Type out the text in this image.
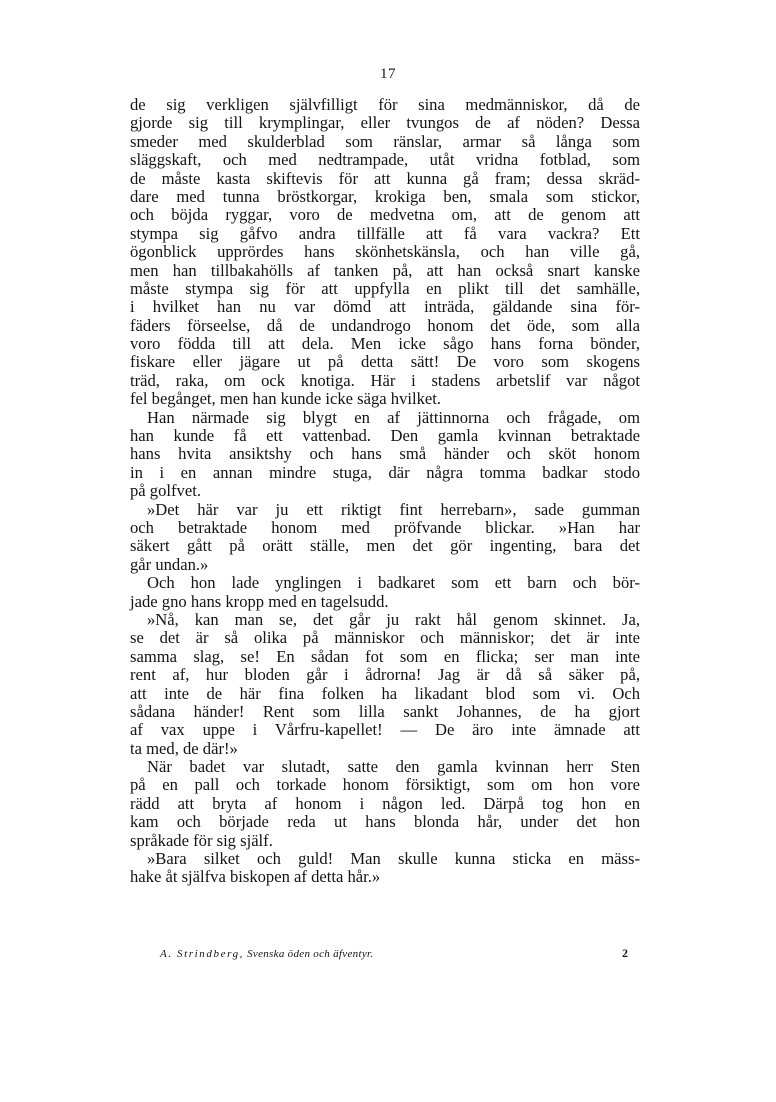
17
de sig verkligen självfilligt för sina medmänniskor, då de
gjorde sig till krymplingar, eller tvungos de af nöden? Dessa
smeder med skulderblad som ränslar, armar så långa som
släggskaft, och med nedtrampade, utåt vridna fotblad, som
de måste kasta skiftevis för att kunna gå fram; dessa skräd-
dare med tunna bröstkorgar, krokiga ben, smala som stickor,
och böjda ryggar, voro de medvetna om, att de genom att
stympa sig gåfvo andra tillfälle att få vara vackra? Ett
ögonblick upprördes hans skönhetskänsla, och han ville gå,
men han tillbakahölls af tanken på, att han också snart kanske
måste stympa sig för att uppfylla en plikt till det samhälle,
i hvilket han nu var dömd att inträda, gäldande sina för-
fäders förseelse, då de undandrogo honom det öde, som alla
voro födda till att dela. Men icke sågo hans forna bönder,
fiskare eller jägare ut på detta sätt! De voro som skogens
träd, raka, om ock knotiga. Här i stadens arbetslif var något
fel begånget, men han kunde icke säga hvilket.
Han närmade sig blygt en af jättinnorna och frågade, om
han kunde få ett vattenbad. Den gamla kvinnan betraktade
hans hvita ansiktshy och hans små händer och sköt honom
in i en annan mindre stuga, där några tomma badkar stodo
på golfvet.
»Det här var ju ett riktigt fint herrebarn», sade gumman
och betraktade honom med pröfvande blickar. »Han har
säkert gått på orätt ställe, men det gör ingenting, bara det
går undan.»
Och hon lade ynglingen i badkaret som ett barn och bör-
jade gno hans kropp med en tagelsudd.
»Nå, kan man se, det går ju rakt hål genom skinnet. Ja,
se det är så olika på människor och människor; det är inte
samma slag, se! En sådan fot som en flicka; ser man inte
rent af, hur bloden går i ådrorna! Jag är då så säker på,
att inte de här fina folken ha likadant blod som vi. Och
sådana händer! Rent som lilla sankt Johannes, de ha gjort
af vax uppe i Vårfru-kapellet! — De äro inte ämnade att
ta med, de där!»
När badet var slutadt, satte den gamla kvinnan herr Sten
på en pall och torkade honom försiktigt, som om hon vore
rädd att bryta af honom i någon led. Därpå tog hon en
kam och började reda ut hans blonda hår, under det hon
språkade för sig själf.
»Bara silket och guld! Man skulle kunna sticka en mäss-
hake åt själfva biskopen af detta hår.»
A. Strindberg, Svenska öden och äfventyr.	2
